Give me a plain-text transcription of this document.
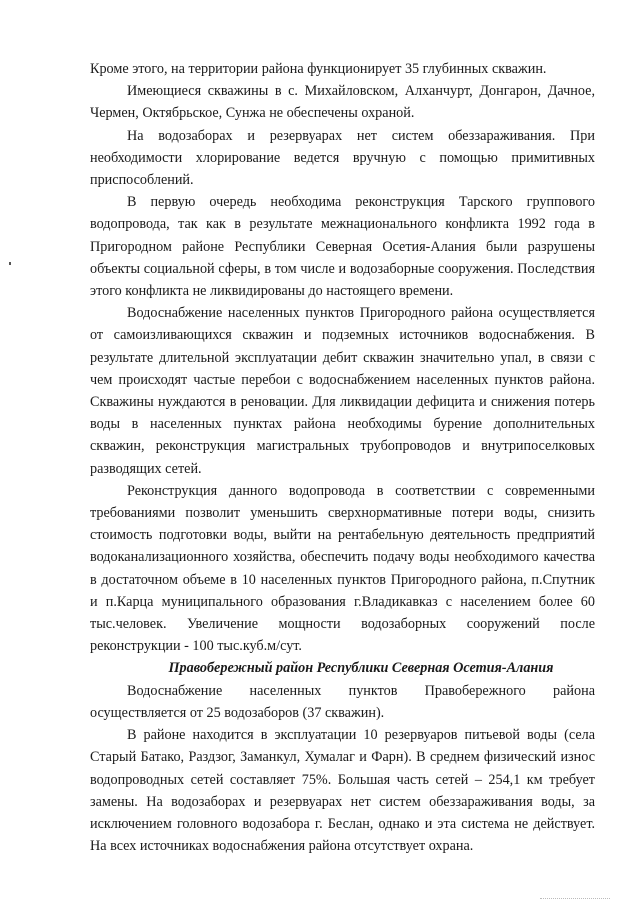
Кроме этого, на территории района функционирует 35 глубинных скважин.

Имеющиеся скважины в с. Михайловском, Алханчурт, Донгарон, Дачное, Чермен, Октябрьское, Сунжа не обеспечены охраной.

На водозаборах и резервуарах нет систем обеззараживания. При необходимости хлорирование ведется вручную с помощью примитивных приспособлений.

В первую очередь необходима реконструкция Тарского группового водопровода, так как в результате межнационального конфликта 1992 года в Пригородном районе Республики Северная Осетия-Алания были разрушены объекты социальной сферы, в том числе и водозаборные сооружения. Последствия этого конфликта не ликвидированы до настоящего времени.

Водоснабжение населенных пунктов Пригородного района осуществляется от самоизливающихся скважин и подземных источников водоснабжения. В результате длительной эксплуатации дебит скважин значительно упал, в связи с чем происходят частые перебои с водоснабжением населенных пунктов района. Скважины нуждаются в реновации. Для ликвидации дефицита и снижения потерь воды в населенных пунктах района необходимы бурение дополнительных скважин, реконструкция магистральных трубопроводов и внутрипоселковых разводящих сетей.

Реконструкция данного водопровода в соответствии с современными требованиями позволит уменьшить сверхнормативные потери воды, снизить стоимость подготовки воды, выйти на рентабельную деятельность предприятий водоканализационного хозяйства, обеспечить подачу воды необходимого качества в достаточном объеме в 10 населенных пунктов Пригородного района, п.Спутник и п.Карца муниципального образования г.Владикавказ с населением более 60 тыс.человек. Увеличение мощности водозаборных сооружений после реконструкции - 100 тыс.куб.м/сут.

Правобережный район Республики Северная Осетия-Алания

Водоснабжение населенных пунктов Правобережного района осуществляется от 25 водозаборов (37 скважин).

В районе находится в эксплуатации 10 резервуаров питьевой воды (села Старый Батако, Раздзог, Заманкул, Хумалаг и Фарн). В среднем физический износ водопроводных сетей составляет 75%. Большая часть сетей – 254,1 км требует замены. На водозаборах и резервуарах нет систем обеззараживания воды, за исключением головного водозабора г. Беслан, однако и эта система не действует. На всех источниках водоснабжения района отсутствует охрана.
